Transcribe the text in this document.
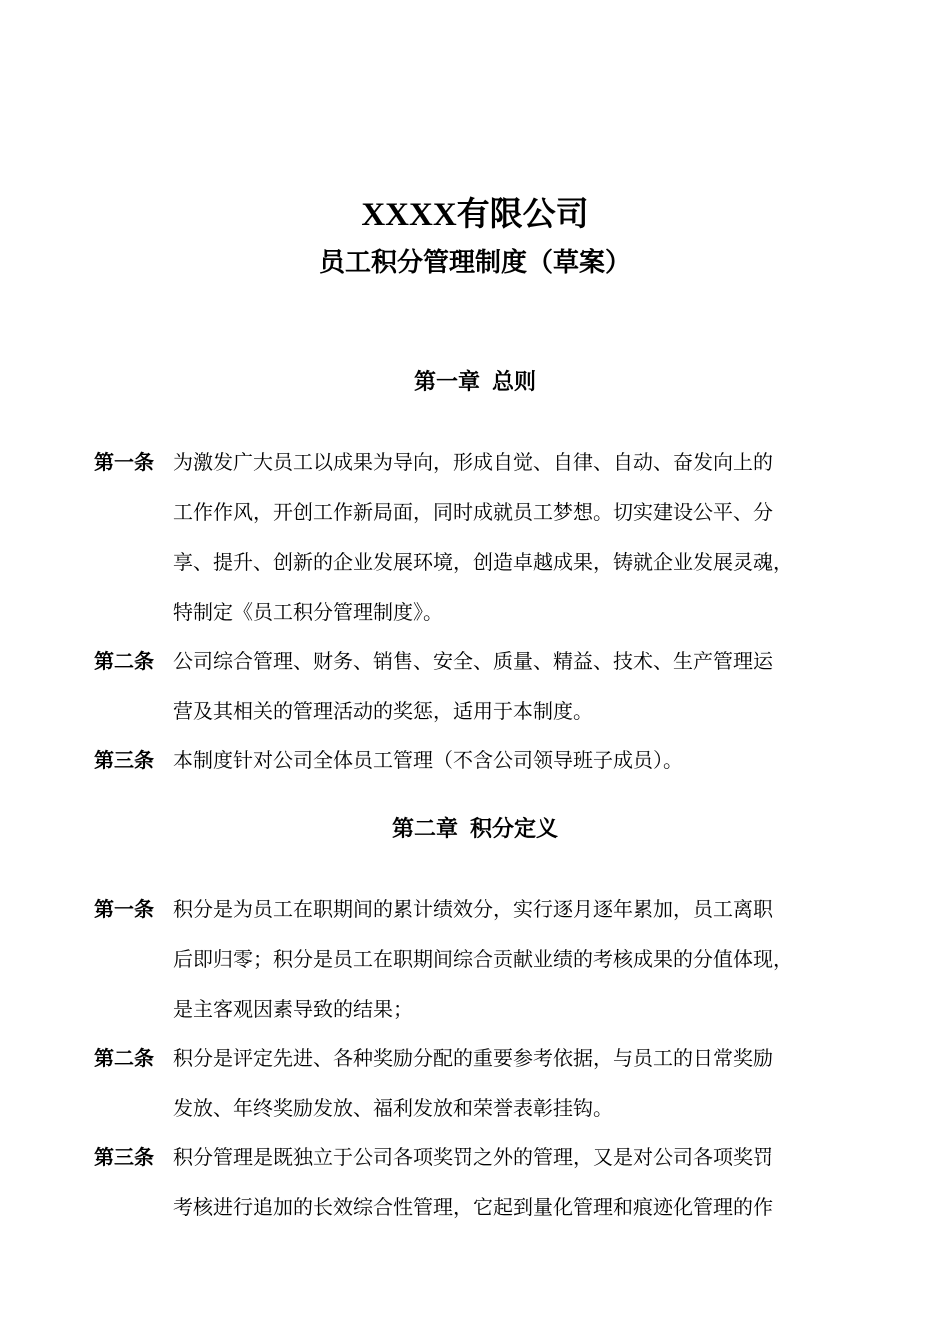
XXXX有限公司
员工积分管理制度（草案）
第一章 总则
第一条 为激发广大员工以成果为导向，形成自觉、自律、自动、奋发向上的
工作作风，开创工作新局面，同时成就员工梦想。切实建设公平、分
享、提升、创新的企业发展环境，创造卓越成果，铸就企业发展灵魂，
特制定《员工积分管理制度》。
第二条 公司综合管理、财务、销售、安全、质量、精益、技术、生产管理运
营及其相关的管理活动的奖惩，适用于本制度。
第三条 本制度针对公司全体员工管理（不含公司领导班子成员）。
第二章 积分定义
第一条 积分是为员工在职期间的累计绩效分，实行逐月逐年累加，员工离职
后即归零；积分是员工在职期间综合贡献业绩的考核成果的分值体现，
是主客观因素导致的结果；
第二条 积分是评定先进、各种奖励分配的重要参考依据，与员工的日常奖励
发放、年终奖励发放、福利发放和荣誉表彰挂钩。
第三条 积分管理是既独立于公司各项奖罚之外的管理，又是对公司各项奖罚
考核进行追加的长效综合性管理，它起到量化管理和痕迹化管理的作
